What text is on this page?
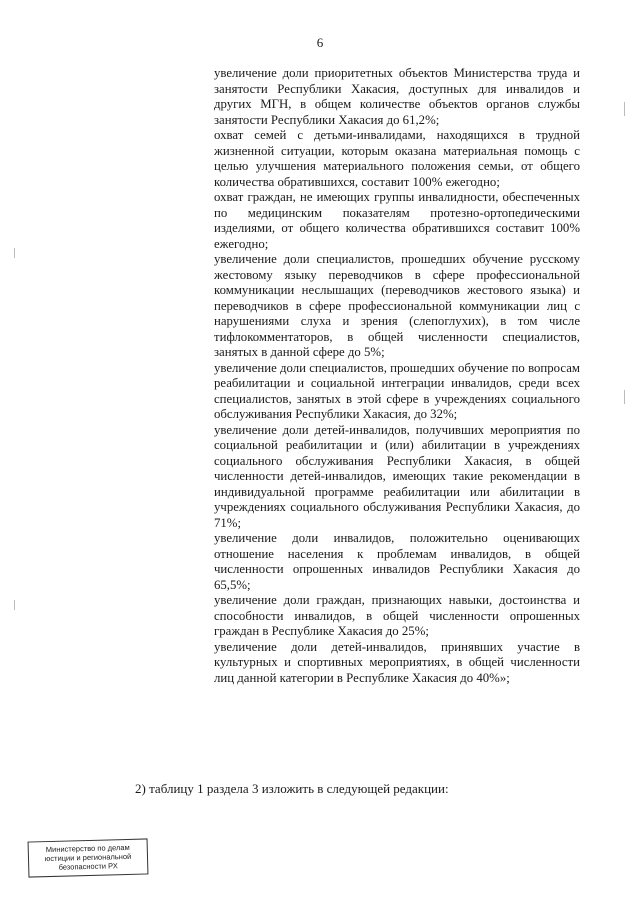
6

увеличение доли приоритетных объектов Министерства труда и занятости Республики Хакасия, доступных для инвалидов и других МГН, в общем количестве объектов органов службы занятости Республики Хакасия до 61,2%;

охват семей с детьми-инвалидами, находящихся в трудной жизненной ситуации, которым оказана материальная помощь с целью улучшения материального положения семьи, от общего количества обратившихся, составит 100% ежегодно;

охват граждан, не имеющих группы инвалидности, обеспеченных по медицинским показателям протезно-ортопедическими изделиями, от общего количества обратившихся составит 100% ежегодно;

увеличение доли специалистов, прошедших обучение русскому жестовому языку переводчиков в сфере профессиональной коммуникации неслышащих (переводчиков жестового языка) и переводчиков в сфере профессиональной коммуникации лиц с нарушениями слуха и зрения (слепоглухих), в том числе тифлокомментаторов, в общей численности специалистов, занятых в данной сфере до 5%;

увеличение доли специалистов, прошедших обучение по вопросам реабилитации и социальной интеграции инвалидов, среди всех специалистов, занятых в этой сфере в учреждениях социального обслуживания Республики Хакасия, до 32%;

увеличение доли детей-инвалидов, получивших мероприятия по социальной реабилитации и (или) абилитации в учреждениях социального обслуживания Республики Хакасия, в общей численности детей-инвалидов, имеющих такие рекомендации в индивидуальной программе реабилитации или абилитации в учреждениях социального обслуживания Республики Хакасия, до 71%;

увеличение доли инвалидов, положительно оценивающих отношение населения к проблемам инвалидов, в общей численности опрошенных инвалидов Республики Хакасия до 65,5%;

увеличение доли граждан, признающих навыки, достоинства и способности инвалидов, в общей численности опрошенных граждан в Республике Хакасия до 25%;

увеличение доли детей-инвалидов, принявших участие в культурных и спортивных мероприятиях, в общей численности лиц данной категории в Республике Хакасия до 40%»;

2) таблицу 1 раздела 3 изложить в следующей редакции:
Министерство по делам
юстиции и региональной
безопасности РХ
